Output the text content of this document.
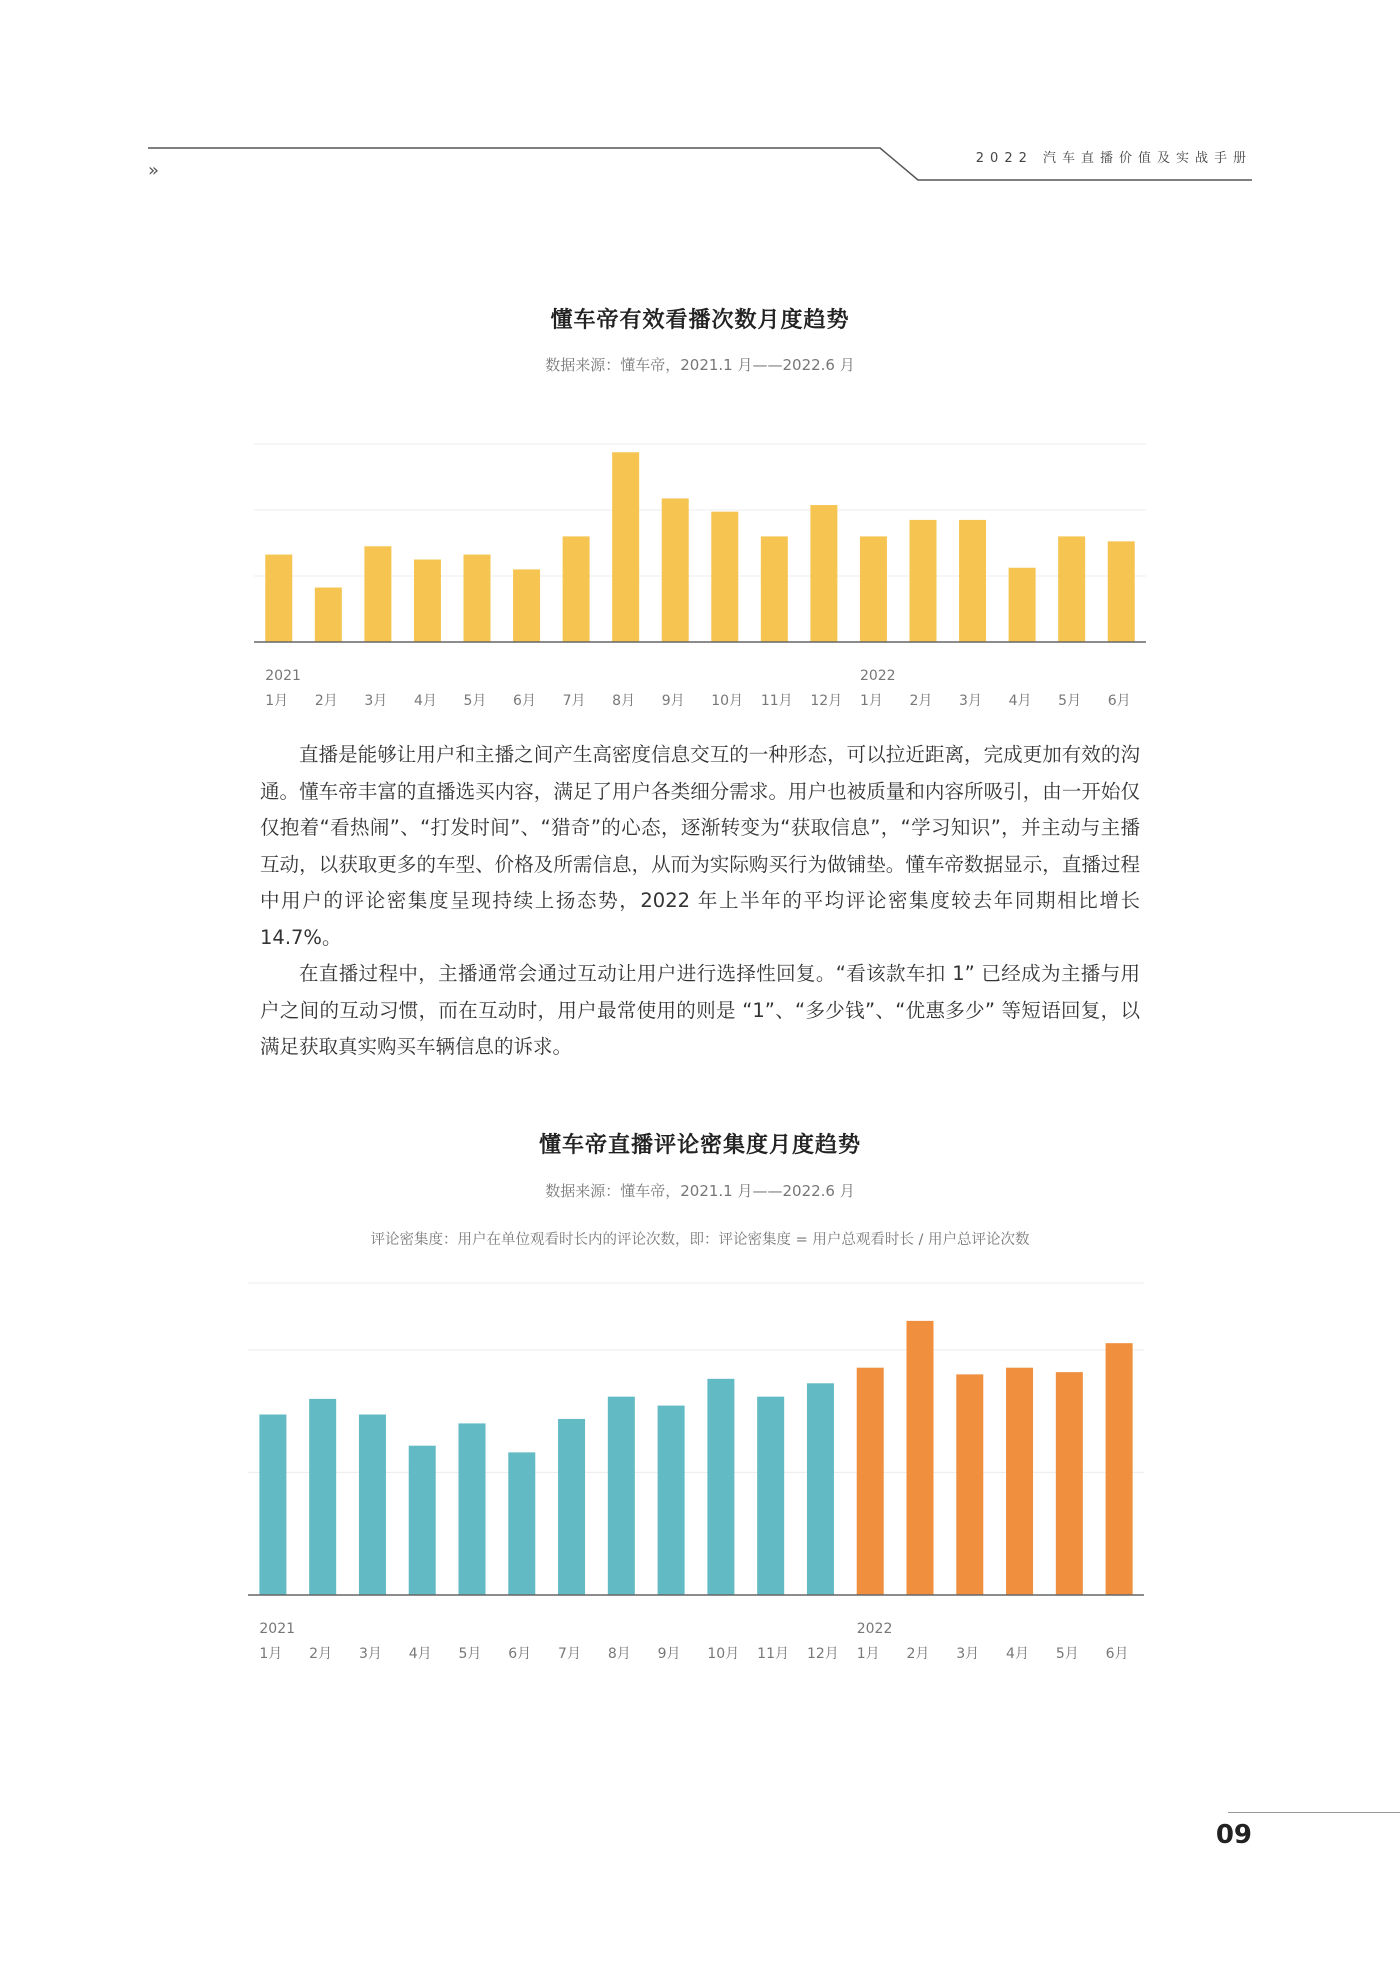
»
2022 汽车直播价值及实战手册
懂车帝有效看播次数月度趋势
数据来源：懂车帝，2021.1 月——2022.6 月
1月 2月 3月 4月 5月 6月 7月 8月 9月 10月 11月 12月 1月 2月 3月 4月 5月 6月
2021	2022

直播是能够让用户和主播之间产生高密度信息交互的一种形态，可以拉近距离，完成更加有效的沟通。懂车帝丰富的直播选买内容，满足了用户各类细分需求。用户也被质量和内容所吸引，由一开始仅仅抱着“看热闹”、“打发时间”、“猎奇”的心态，逐渐转变为“获取信息”，“学习知识”，并主动与主播互动，以获取更多的车型、价格及所需信息，从而为实际购买行为做铺垫。懂车帝数据显示，直播过程中用户的评论密集度呈现持续上扬态势，2022 年上半年的平均评论密集度较去年同期相比增长 14.7%。

在直播过程中，主播通常会通过互动让用户进行选择性回复。“看该款车扣 1” 已经成为主播与用户之间的互动习惯，而在互动时，用户最常使用的则是 “1”、“多少钱”、“优惠多少” 等短语回复，以满足获取真实购买车辆信息的诉求。

懂车帝直播评论密集度月度趋势
数据来源：懂车帝，2021.1 月——2022.6 月
评论密集度：用户在单位观看时长内的评论次数，即：评论密集度 = 用户总观看时长 / 用户总评论次数
1月 2月 3月 4月 5月 6月 7月 8月 9月 10月 11月 12月 1月 2月 3月 4月 5月 6月
2021	2022
09
